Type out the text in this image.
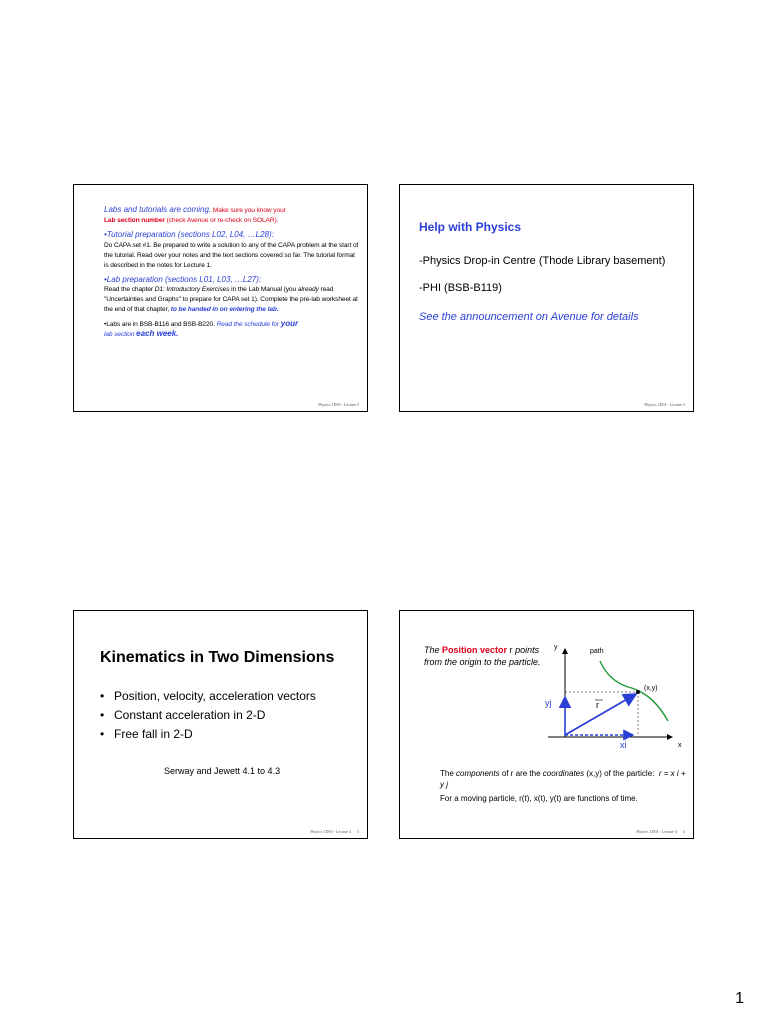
Labs and tutorials are coming. Make sure you know your
Lab section number (check Avenue or re-check on SOLAR).

•Tutorial preparation (sections L02, L04, …L28):
Do CAPA set #1. Be prepared to write a solution to any of the CAPA problem at the start of the tutorial. Read over your notes and the text sections covered so far. The tutorial format is described in the notes for Lecture 1.

•Lab preparation (sections L01, L03, …L27):
Read the chapter D1: Introductory Exercises in the Lab Manual (you already read "Uncertainties and Graphs" to prepare for CAPA set 1). Complete the pre-lab worksheet at the end of that chapter, to be handed in on entering the lab.

•Labs are in BSB-B116 and BSB-B220. Read the schedule for your
lab section each week.

Physics 1D03 - Lecture 5
Help with Physics
-Physics Drop-in Centre (Thode Library basement)
-PHI (BSB-B119)
See the announcement on Avenue for details
Physics 1D03 - Lecture 5
Kinematics in Two Dimensions
• Position, velocity, acceleration vectors
• Constant acceleration in 2-D
• Free fall in 2-D
Serway and Jewett 4.1 to 4.3
Physics 1D03 - Lecture 4 3
The Position vector r points from the origin to the particle.
y
x
path
(x,y)
r
yj
xi

The components of r are the coordinates (x,y) of the particle: r = x i + y j

For a moving particle, r(t), x(t), y(t) are functions of time.

Physics 1D03 - Lecture 4 4
1
